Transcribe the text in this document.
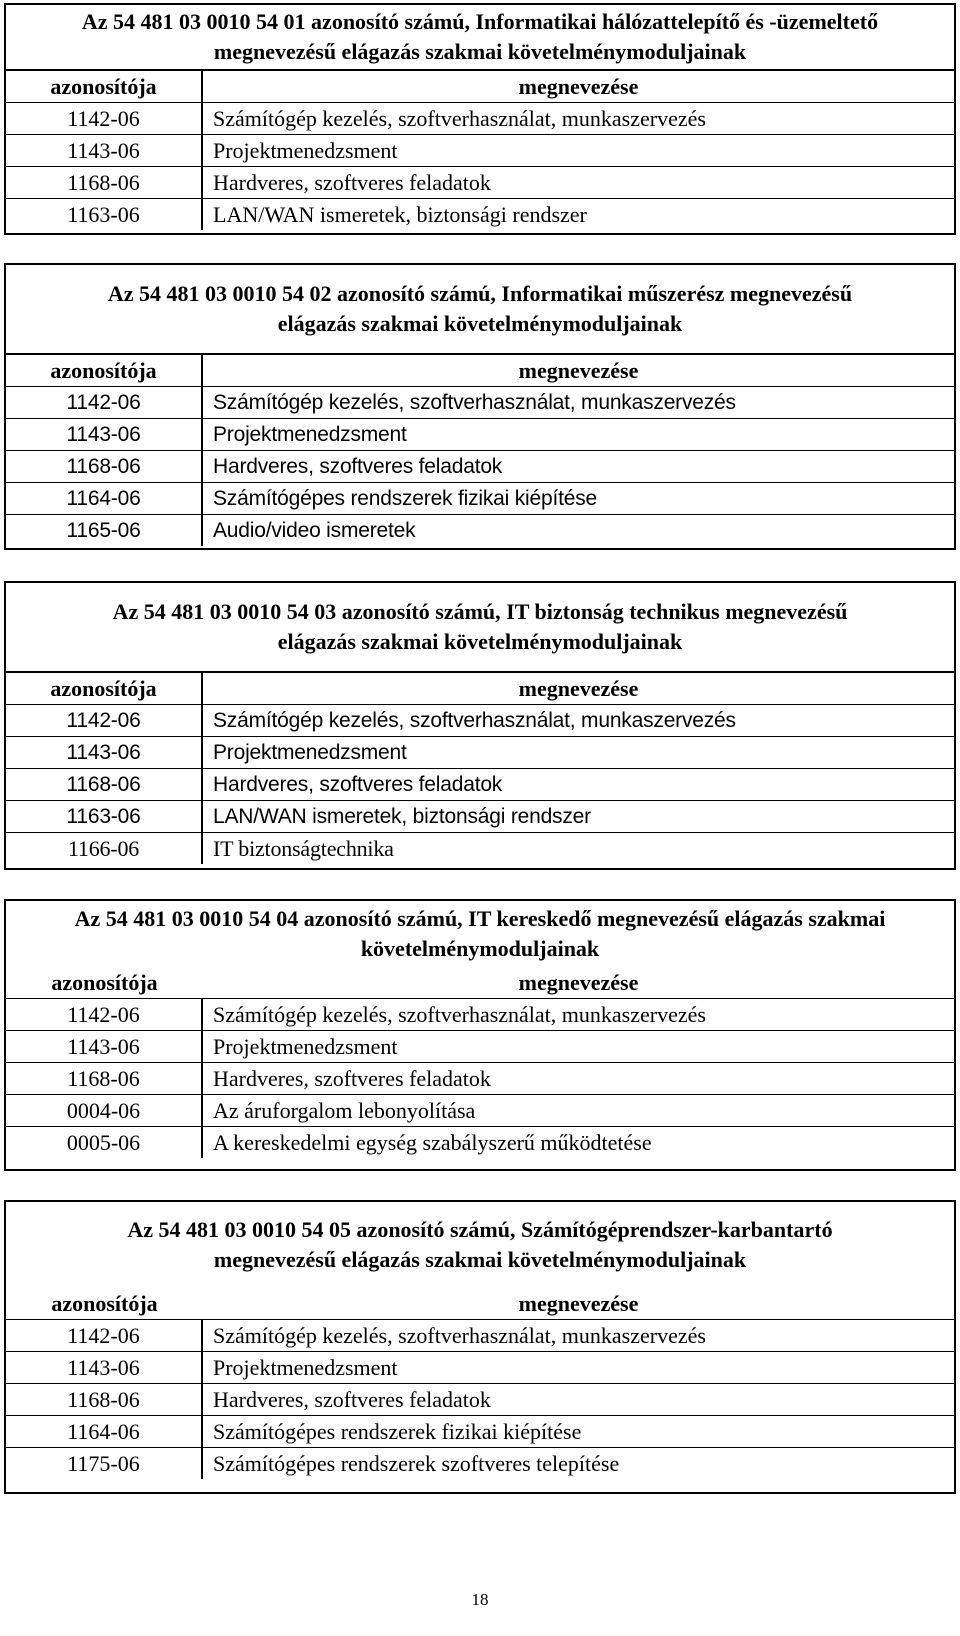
Az 54 481 03 0010 54 01 azonosító számú, Informatikai hálózattelepítő és -üzemeltető
megnevezésű elágazás szakmai követelménymoduljainak
azonosítója	megnevezése
1142-06	Számítógép kezelés, szoftverhasználat, munkaszervezés
1143-06	Projektmenedzsment
1168-06	Hardveres, szoftveres feladatok
1163-06	LAN/WAN ismeretek, biztonsági rendszer
Az 54 481 03 0010 54 02 azonosító számú, Informatikai műszerész megnevezésű
elágazás szakmai követelménymoduljainak
azonosítója	megnevezése
1142-06	Számítógép kezelés, szoftverhasználat, munkaszervezés
1143-06	Projektmenedzsment
1168-06	Hardveres, szoftveres feladatok
1164-06	Számítógépes rendszerek fizikai kiépítése
1165-06	Audio/video ismeretek
Az 54 481 03 0010 54 03 azonosító számú, IT biztonság technikus megnevezésű
elágazás szakmai követelménymoduljainak
azonosítója	megnevezése
1142-06	Számítógép kezelés, szoftverhasználat, munkaszervezés
1143-06	Projektmenedzsment
1168-06	Hardveres, szoftveres feladatok
1163-06	LAN/WAN ismeretek, biztonsági rendszer
1166-06	IT biztonságtechnika
Az 54 481 03 0010 54 04 azonosító számú, IT kereskedő megnevezésű elágazás szakmai
követelménymoduljainak
azonosítója	megnevezése
1142-06	Számítógép kezelés, szoftverhasználat, munkaszervezés
1143-06	Projektmenedzsment
1168-06	Hardveres, szoftveres feladatok
0004-06	Az áruforgalom lebonyolítása
0005-06	A kereskedelmi egység szabályszerű működtetése
Az 54 481 03 0010 54 05 azonosító számú, Számítógéprendszer-karbantartó
megnevezésű elágazás szakmai követelménymoduljainak
azonosítója	megnevezése
1142-06	Számítógép kezelés, szoftverhasználat, munkaszervezés
1143-06	Projektmenedzsment
1168-06	Hardveres, szoftveres feladatok
1164-06	Számítógépes rendszerek fizikai kiépítése
1175-06	Számítógépes rendszerek szoftveres telepítése
18
